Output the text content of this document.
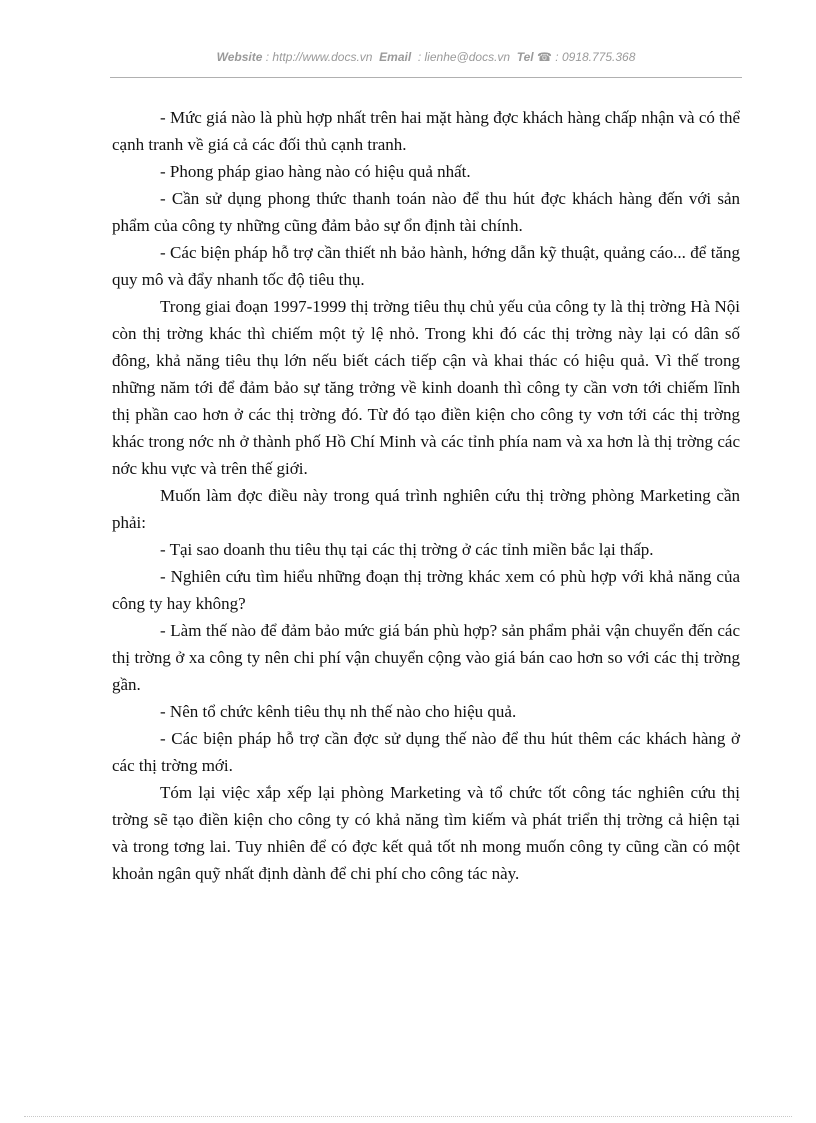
Website : http://www.docs.vn Email : lienhe@docs.vn Tel ☎ : 0918.775.368

- Mức giá nào là phù hợp nhất trên hai mặt hàng đợc khách hàng chấp nhận và có thể cạnh tranh về giá cả các đối thủ cạnh tranh.

- Phong pháp giao hàng nào có hiệu quả nhất.

- Cần sử dụng phong thức thanh toán nào để thu hút đợc khách hàng đến với sản phẩm của công ty những cũng đảm bảo sự ổn định tài chính.

- Các biện pháp hỗ trợ cần thiết nh bảo hành, hớng dẫn kỹ thuật, quảng cáo... để tăng quy mô và đẩy nhanh tốc độ tiêu thụ.

Trong giai đoạn 1997-1999 thị trờng tiêu thụ chủ yếu của công ty là thị trờng Hà Nội còn thị trờng khác thì chiếm một tỷ lệ nhỏ. Trong khi đó các thị trờng này lại có dân số đông, khả năng tiêu thụ lớn nếu biết cách tiếp cận và khai thác có hiệu quả. Vì thế trong những năm tới để đảm bảo sự tăng trởng về kinh doanh thì công ty cần vơn tới chiếm lĩnh thị phần cao hơn ở các thị trờng đó. Từ đó tạo điền kiện cho công ty vơn tới các thị trờng khác trong nớc nh ở thành phố Hồ Chí Minh và các tỉnh phía nam và xa hơn là thị trờng các nớc khu vực và trên thế giới.

Muốn làm đợc điều này trong quá trình nghiên cứu thị trờng phòng Marketing cần phải:

- Tại sao doanh thu tiêu thụ tại các thị trờng ở các tỉnh miền bắc lại thấp.

- Nghiên cứu tìm hiểu những đoạn thị trờng khác xem có phù hợp với khả năng của công ty hay không?

- Làm thế nào để đảm bảo mức giá bán phù hợp? sản phẩm phải vận chuyển đến các thị trờng ở xa công ty nên chi phí vận chuyển cộng vào giá bán cao hơn so với các thị trờng gần.

- Nên tổ chức kênh tiêu thụ nh thế nào cho hiệu quả.

- Các biện pháp hỗ trợ cần đợc sử dụng thế nào để thu hút thêm các khách hàng ở các thị trờng mới.

Tóm lại việc xắp xếp lại phòng Marketing và tổ chức tốt công tác nghiên cứu thị trờng sẽ tạo điền kiện cho công ty có khả năng tìm kiếm và phát triển thị trờng cả hiện tại và trong tơng lai. Tuy nhiên để có đợc kết quả tốt nh mong muốn công ty cũng cần có một khoản ngân quỹ nhất định dành để chi phí cho công tác này.
